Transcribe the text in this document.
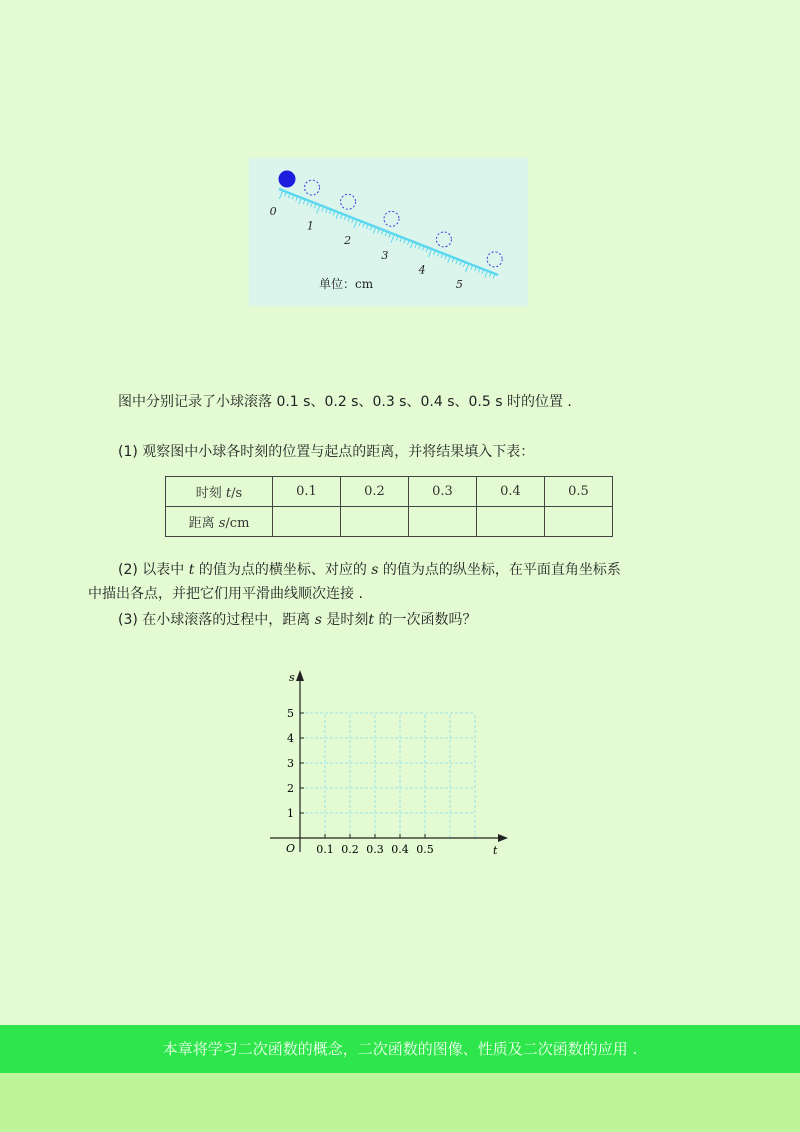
0
1
2
3
4
5
单位：cm

图中分别记录了小球滚落 0.1 s、0.2 s、0.3 s、0.4 s、0.5 s 时的位置 .

(1) 观察图中小球各时刻的位置与起点的距离，并将结果填入下表：

时刻 t/s	0.1	0.2	0.3	0.4	0.5
距离 s/cm					

(2) 以表中 t 的值为点的横坐标、对应的 s 的值为点的纵坐标，在平面直角坐标系

中描出各点，并把它们用平滑曲线顺次连接 .

(3) 在小球滚落的过程中，距离 s 是时刻t 的一次函数吗？

t
s
O 0.1 0.2 0.3 0.4 0.5
1
2
3
4
5
本章将学习二次函数的概念，二次函数的图像、性质及二次函数的应用 .
